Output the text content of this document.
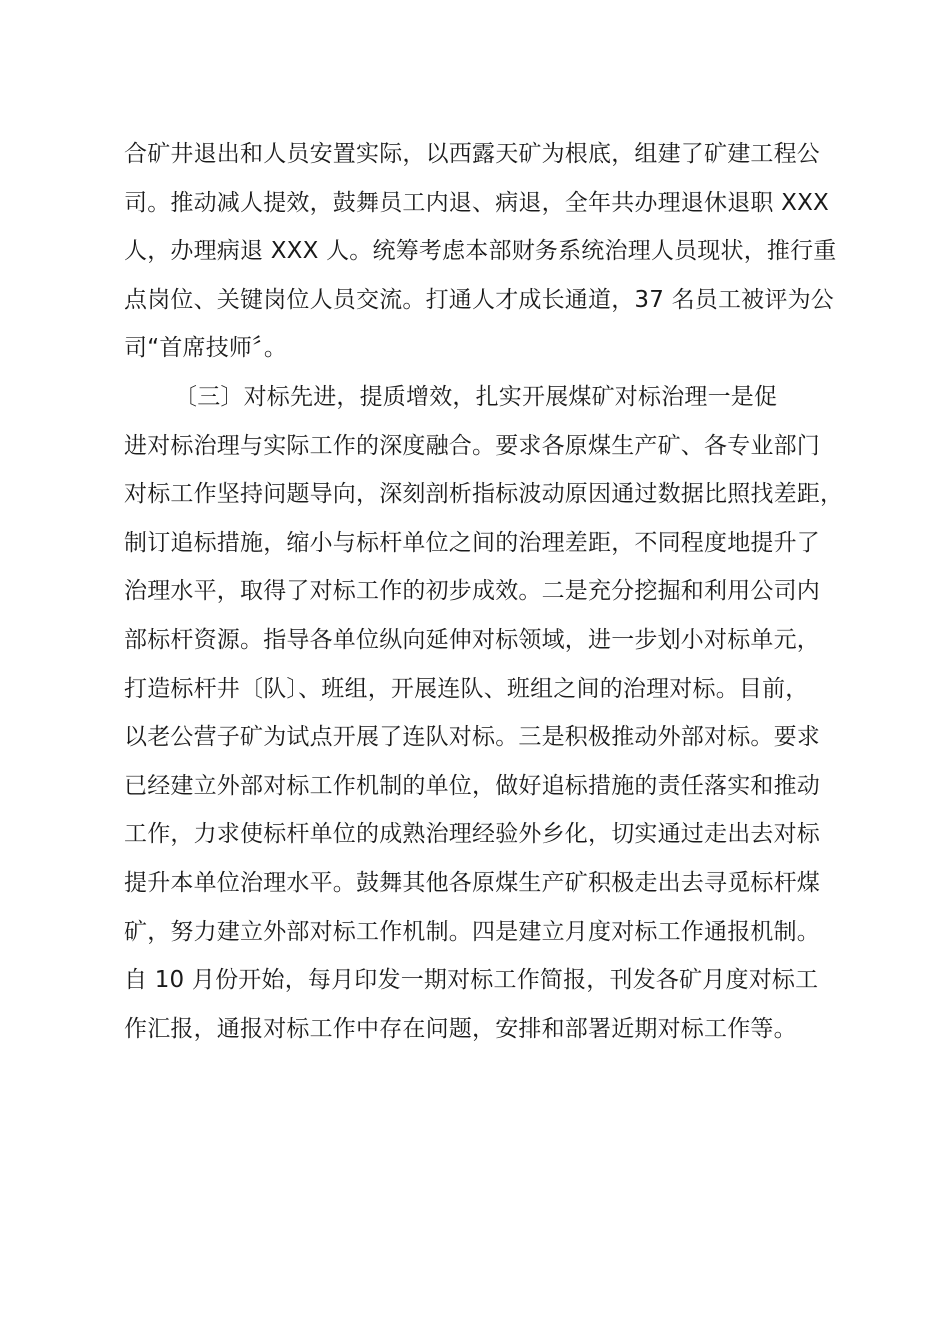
合矿井退出和人员安置实际，以西露天矿为根底，组建了矿建工程公
司。推动减人提效，鼓舞员工内退、病退，全年共办理退休退职 XXX
人，办理病退 XXX 人。统筹考虑本部财务系统治理人员现状，推行重
点岗位、关键岗位人员交流。打通人才成长通道，37 名员工被评为公
司“首席技师〞。
〔三〕对标先进，提质增效，扎实开展煤矿对标治理一是促
进对标治理与实际工作的深度融合。要求各原煤生产矿、各专业部门
对标工作坚持问题导向，深刻剖析指标波动原因通过数据比照找差距，
制订追标措施，缩小与标杆单位之间的治理差距，不同程度地提升了
治理水平，取得了对标工作的初步成效。二是充分挖掘和利用公司内
部标杆资源。指导各单位纵向延伸对标领域，进一步划小对标单元，
打造标杆井〔队〕、班组，开展连队、班组之间的治理对标。目前，
以老公营子矿为试点开展了连队对标。三是积极推动外部对标。要求
已经建立外部对标工作机制的单位，做好追标措施的责任落实和推动
工作，力求使标杆单位的成熟治理经验外乡化，切实通过走出去对标
提升本单位治理水平。鼓舞其他各原煤生产矿积极走出去寻觅标杆煤
矿，努力建立外部对标工作机制。四是建立月度对标工作通报机制。
自 10 月份开始，每月印发一期对标工作简报，刊发各矿月度对标工
作汇报，通报对标工作中存在问题，安排和部署近期对标工作等。
